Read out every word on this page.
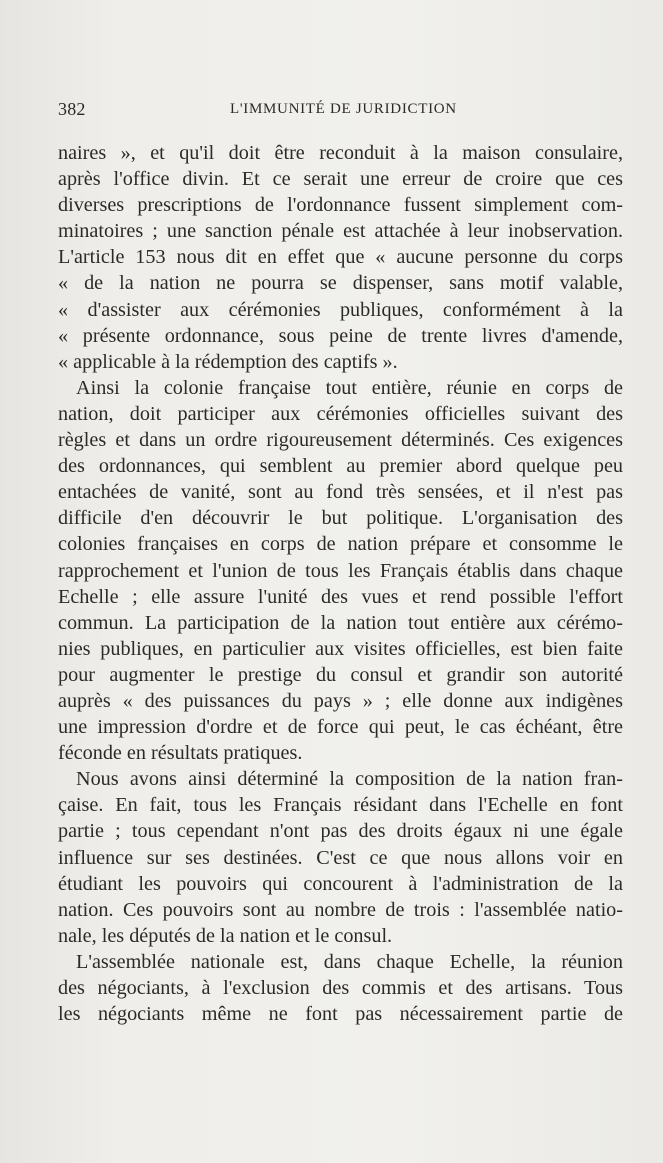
382	L'IMMUNITÉ DE JURIDICTION
naires », et qu'il doit être reconduit à la maison consulaire,
après l'office divin. Et ce serait une erreur de croire que ces
diverses prescriptions de l'ordonnance fussent simplement com-
minatoires ; une sanction pénale est attachée à leur inobservation.
L'article 153 nous dit en effet que « aucune personne du corps
« de la nation ne pourra se dispenser, sans motif valable,
« d'assister aux cérémonies publiques, conformément à la
« présente ordonnance, sous peine de trente livres d'amende,
« applicable à la rédemption des captifs ».
Ainsi la colonie française tout entière, réunie en corps de
nation, doit participer aux cérémonies officielles suivant des
règles et dans un ordre rigoureusement déterminés. Ces exigences
des ordonnances, qui semblent au premier abord quelque peu
entachées de vanité, sont au fond très sensées, et il n'est pas
difficile d'en découvrir le but politique. L'organisation des
colonies françaises en corps de nation prépare et consomme le
rapprochement et l'union de tous les Français établis dans chaque
Echelle ; elle assure l'unité des vues et rend possible l'effort
commun. La participation de la nation tout entière aux cérémo-
nies publiques, en particulier aux visites officielles, est bien faite
pour augmenter le prestige du consul et grandir son autorité
auprès « des puissances du pays » ; elle donne aux indigènes
une impression d'ordre et de force qui peut, le cas échéant, être
féconde en résultats pratiques.
Nous avons ainsi déterminé la composition de la nation fran-
çaise. En fait, tous les Français résidant dans l'Echelle en font
partie ; tous cependant n'ont pas des droits égaux ni une égale
influence sur ses destinées. C'est ce que nous allons voir en
étudiant les pouvoirs qui concourent à l'administration de la
nation. Ces pouvoirs sont au nombre de trois : l'assemblée natio-
nale, les députés de la nation et le consul.
L'assemblée nationale est, dans chaque Echelle, la réunion
des négociants, à l'exclusion des commis et des artisans. Tous
les négociants même ne font pas nécessairement partie de
